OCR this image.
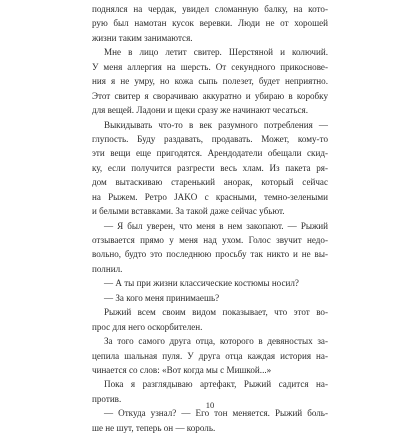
поднялся на чердак, увидел сломанную балку, на кото-
рую был намотан кусок веревки. Люди не от хорошей
жизни таким занимаются.
Мне в лицо летит свитер. Шерстяной и колючий.
У меня аллергия на шерсть. От секундного прикоснове-
ния я не умру, но кожа сыпь полезет, будет неприятно.
Этот свитер я сворачиваю аккуратно и убираю в коробку
для вещей. Ладони и щеки сразу же начинают чесаться.
Выкидывать что-то в век разумного потребления —
глупость. Буду раздавать, продавать. Может, кому-то
эти вещи еще пригодятся. Арендодатели обещали скид-
ку, если получится разгрести весь хлам. Из пакета ря-
дом вытаскиваю старенький анорак, который сейчас
на Рыжем. Ретро JAKO с красными, темно-зелеными
и белыми вставками. За такой даже сейчас убьют.
— Я был уверен, что меня в нем закопают. — Рыжий
отзывается прямо у меня над ухом. Голос звучит недо-
вольно, будто это последнюю просьбу так никто и не вы-
полнил.
— А ты при жизни классические костюмы носил?
— За кого меня принимаешь?
Рыжий всем своим видом показывает, что этот во-
прос для него оскорбителен.
За того самого друга отца, которого в девяностых за-
цепила шальная пуля. У друга отца каждая история на-
чинается со слов: «Вот когда мы с Мишкой...»
Пока я разглядываю артефакт, Рыжий садится на-
против.
— Откуда узнал? — Его тон меняется. Рыжий боль-
ше не шут, теперь он — король.
10
